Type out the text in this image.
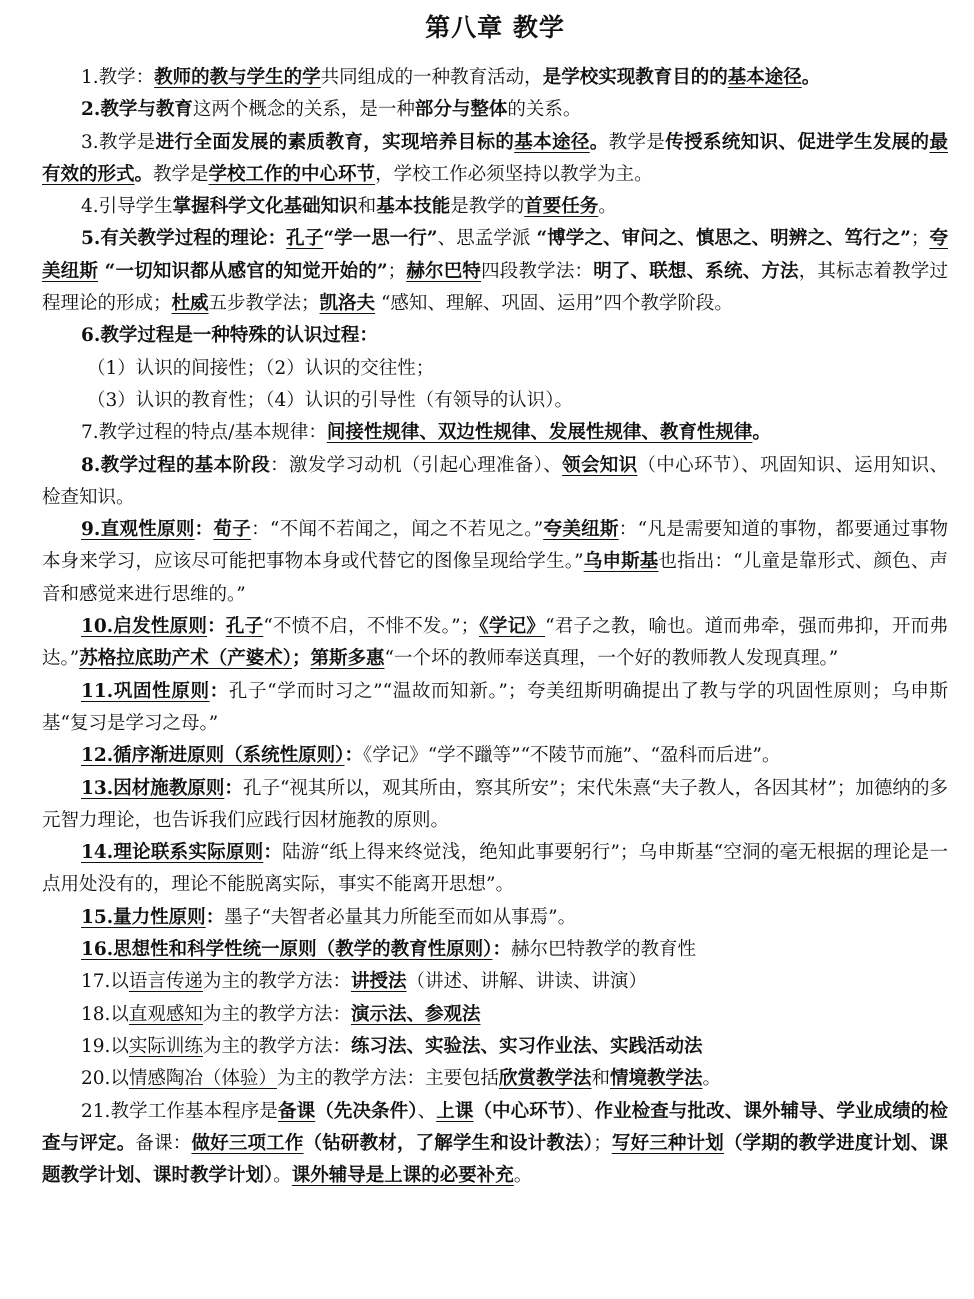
第八章 教学

1.教学：教师的教与学生的学共同组成的一种教育活动，是学校实现教育目的的基本途径。

2.教学与教育这两个概念的关系，是一种部分与整体的关系。

3.教学是进行全面发展的素质教育，实现培养目标的基本途径。教学是传授系统知识、促进学生发展的最有效的形式。教学是学校工作的中心环节，学校工作必须坚持以教学为主。

4.引导学生掌握科学文化基础知识和基本技能是教学的首要任务。

5.有关教学过程的理论：孔子“学一思一行”、思孟学派 “博学之、审问之、慎思之、明辨之、笃行之”；夸美纽斯 “一切知识都从感官的知觉开始的”；赫尔巴特四段教学法：明了、联想、系统、方法，其标志着教学过程理论的形成；杜威五步教学法；凯洛夫 “感知、理解、巩固、运用”四个教学阶段。

6.教学过程是一种特殊的认识过程：

（1）认识的间接性；（2）认识的交往性；

（3）认识的教育性；（4）认识的引导性（有领导的认识）。

7.教学过程的特点/基本规律：间接性规律、双边性规律、发展性规律、教育性规律。

8.教学过程的基本阶段：激发学习动机（引起心理准备）、领会知识（中心环节）、巩固知识、运用知识、检查知识。

9.直观性原则：荀子：“不闻不若闻之，闻之不若见之。”夸美纽斯：“凡是需要知道的事物，都要通过事物本身来学习，应该尽可能把事物本身或代替它的图像呈现给学生。”乌申斯基也指出：“儿童是靠形式、颜色、声音和感觉来进行思维的。”

10.启发性原则：孔子“不愤不启，不悱不发。”；《学记》“君子之教，喻也。道而弗牵，强而弗抑，开而弗达。”苏格拉底助产术（产婆术）；第斯多惠“一个坏的教师奉送真理，一个好的教师教人发现真理。”

11.巩固性原则：孔子“学而时习之”“温故而知新。”；夸美纽斯明确提出了教与学的巩固性原则；乌申斯基“复习是学习之母。”

12.循序渐进原则（系统性原则）：《学记》“学不躐等”“不陵节而施”、“盈科而后进”。

13.因材施教原则：孔子“视其所以，观其所由，察其所安”；宋代朱熹“夫子教人，各因其材”；加德纳的多元智力理论，也告诉我们应践行因材施教的原则。

14.理论联系实际原则：陆游“纸上得来终觉浅，绝知此事要躬行”；乌申斯基“空洞的毫无根据的理论是一点用处没有的，理论不能脱离实际，事实不能离开思想”。

15.量力性原则：墨子“夫智者必量其力所能至而如从事焉”。

16.思想性和科学性统一原则（教学的教育性原则）：赫尔巴特教学的教育性

17.以语言传递为主的教学方法：讲授法（讲述、讲解、讲读、讲演）

18.以直观感知为主的教学方法：演示法、参观法

19.以实际训练为主的教学方法：练习法、实验法、实习作业法、实践活动法

20.以情感陶冶（体验）为主的教学方法：主要包括欣赏教学法和情境教学法。

21.教学工作基本程序是备课（先决条件）、上课（中心环节）、作业检查与批改、课外辅导、学业成绩的检查与评定。备课：做好三项工作（钻研教材，了解学生和设计教法）；写好三种计划（学期的教学进度计划、课题教学计划、课时教学计划）。课外辅导是上课的必要补充。
